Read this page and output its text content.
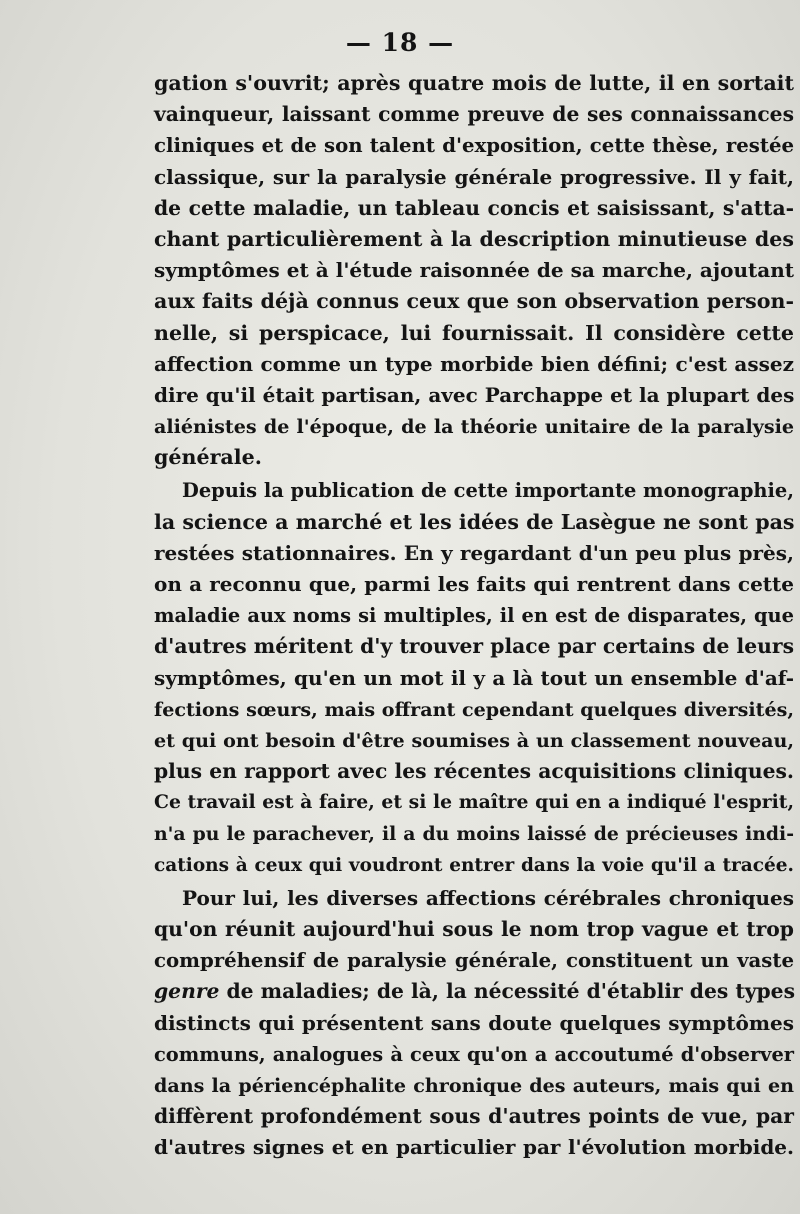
— 18 —
gation s'ouvrit; après quatre mois de lutte, il en sortait
vainqueur, laissant comme preuve de ses connaissances
cliniques et de son talent d'exposition, cette thèse, restée
classique, sur la paralysie générale progressive. Il y fait,
de cette maladie, un tableau concis et saisissant, s'atta-
chant particulièrement à la description minutieuse des
symptômes et à l'étude raisonnée de sa marche, ajoutant
aux faits déjà connus ceux que son observation person-
nelle, si perspicace, lui fournissait. Il considère cette
affection comme un type morbide bien défini; c'est assez
dire qu'il était partisan, avec Parchappe et la plupart des
aliénistes de l'époque, de la théorie unitaire de la paralysie
générale.
Depuis la publication de cette importante monographie,
la science a marché et les idées de Lasègue ne sont pas
restées stationnaires. En y regardant d'un peu plus près,
on a reconnu que, parmi les faits qui rentrent dans cette
maladie aux noms si multiples, il en est de disparates, que
d'autres méritent d'y trouver place par certains de leurs
symptômes, qu'en un mot il y a là tout un ensemble d'af-
fections sœurs, mais offrant cependant quelques diversités,
et qui ont besoin d'être soumises à un classement nouveau,
plus en rapport avec les récentes acquisitions cliniques.
Ce travail est à faire, et si le maître qui en a indiqué l'esprit,
n'a pu le parachever, il a du moins laissé de précieuses indi-
cations à ceux qui voudront entrer dans la voie qu'il a tracée.
Pour lui, les diverses affections cérébrales chroniques
qu'on réunit aujourd'hui sous le nom trop vague et trop
compréhensif de paralysie générale, constituent un vaste
genre de maladies; de là, la nécessité d'établir des types
distincts qui présentent sans doute quelques symptômes
communs, analogues à ceux qu'on a accoutumé d'observer
dans la périencéphalite chronique des auteurs, mais qui en
diffèrent profondément sous d'autres points de vue, par
d'autres signes et en particulier par l'évolution morbide.
